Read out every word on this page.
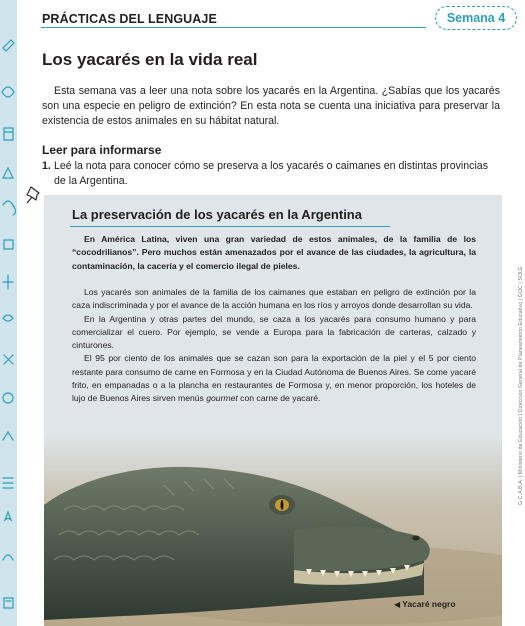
PRÁCTICAS DEL LENGUAJE	Semana 4
Los yacarés en la vida real

Esta semana vas a leer una nota sobre los yacarés en la Argentina. ¿Sabías que los yacarés son una especie en peligro de extinción? En esta nota se cuenta una iniciativa para preservar la existencia de estos animales en su hábitat natural.

Leer para informarse
1. Leé la nota para conocer cómo se preserva a los yacarés o caimanes en distintas provincias de la Argentina.
La preservación de los yacarés en la Argentina

En América Latina, viven una gran variedad de estos animales, de la familia de los “cocodrilianos”. Pero muchos están amenazados por el avance de las ciudades, la agricultura, la contaminación, la cacería y el comercio ilegal de pieles.

Los yacarés son animales de la familia de los caimanes que estaban en peligro de extinción por la caza indiscriminada y por el avance de la acción humana en los ríos y arroyos donde desarrollan su vida.

En la Argentina y otras partes del mundo, se caza a los yacarés para consumo humano y para comercializar el cuero. Por ejemplo, se vende a Europa para la fabricación de carteras, calzado y cinturones.

El 95 por ciento de los animales que se cazan son para la exportación de la piel y el 5 por ciento restante para consumo de carne en Formosa y en la Ciudad Autónoma de Buenos Aires. Se come yacaré frito, en empanadas o a la plancha en restaurantes de Formosa y, en menor proporción, los hoteles de lujo de Buenos Aires sirven menús gourmet con carne de yacaré.

◀ Yacaré negro
G.C.A.B.A. | Ministerio de Educación | Dirección General de Planeamiento Educativo | GOC | SOLE
